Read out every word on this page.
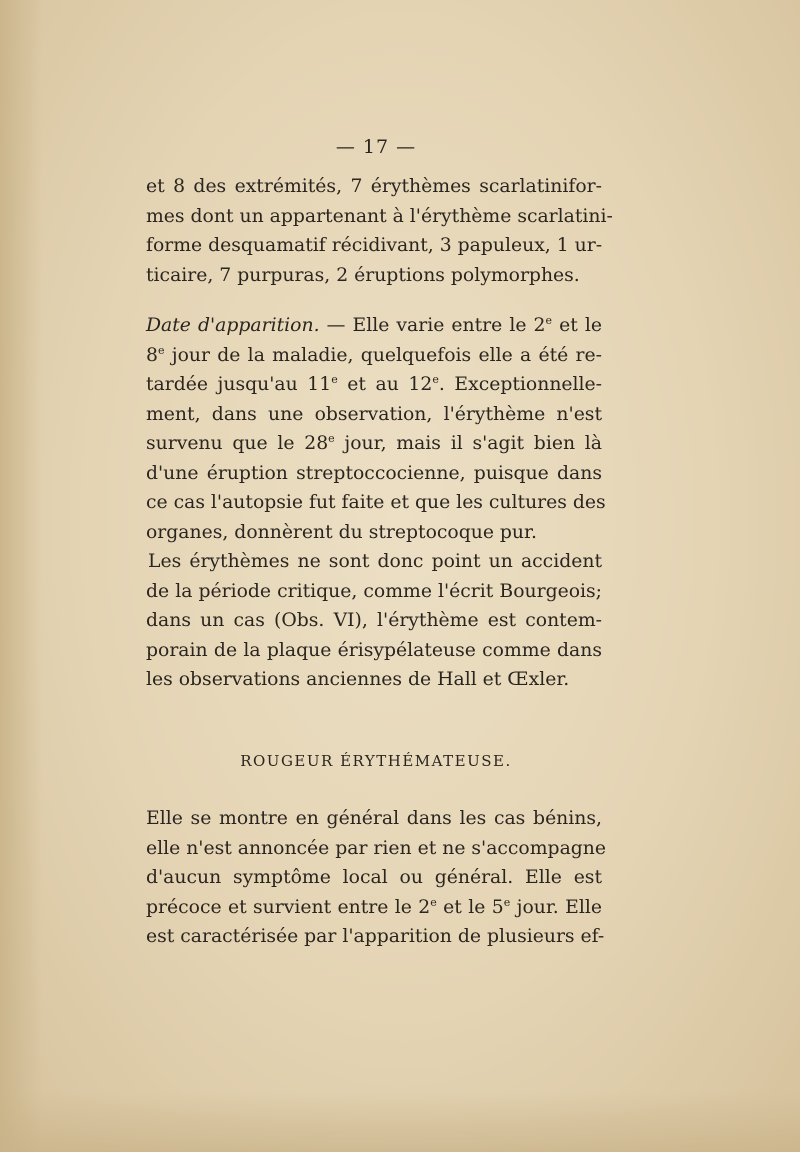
— 17 —
et 8 des extrémités, 7 érythèmes scarlatinifor-
mes dont un appartenant à l'érythème scarlatini-
forme desquamatif récidivant, 3 papuleux, 1 ur-
ticaire, 7 purpuras, 2 éruptions polymorphes.
Date d'apparition. — Elle varie entre le 2e et le
8e jour de la maladie, quelquefois elle a été re-
tardée jusqu'au 11e et au 12e. Exceptionnelle-
ment, dans une observation, l'érythème n'est
survenu que le 28e jour, mais il s'agit bien là
d'une éruption streptoccocienne, puisque dans
ce cas l'autopsie fut faite et que les cultures des
organes, donnèrent du streptocoque pur.
Les érythèmes ne sont donc point un accident
de la période critique, comme l'écrit Bourgeois;
dans un cas (Obs. VI), l'érythème est contem-
porain de la plaque érisypélateuse comme dans
les observations anciennes de Hall et Œxler.
ROUGEUR ÉRYTHÉMATEUSE.
Elle se montre en général dans les cas bénins,
elle n'est annoncée par rien et ne s'accompagne
d'aucun symptôme local ou général. Elle est
précoce et survient entre le 2e et le 5e jour. Elle
est caractérisée par l'apparition de plusieurs ef-
